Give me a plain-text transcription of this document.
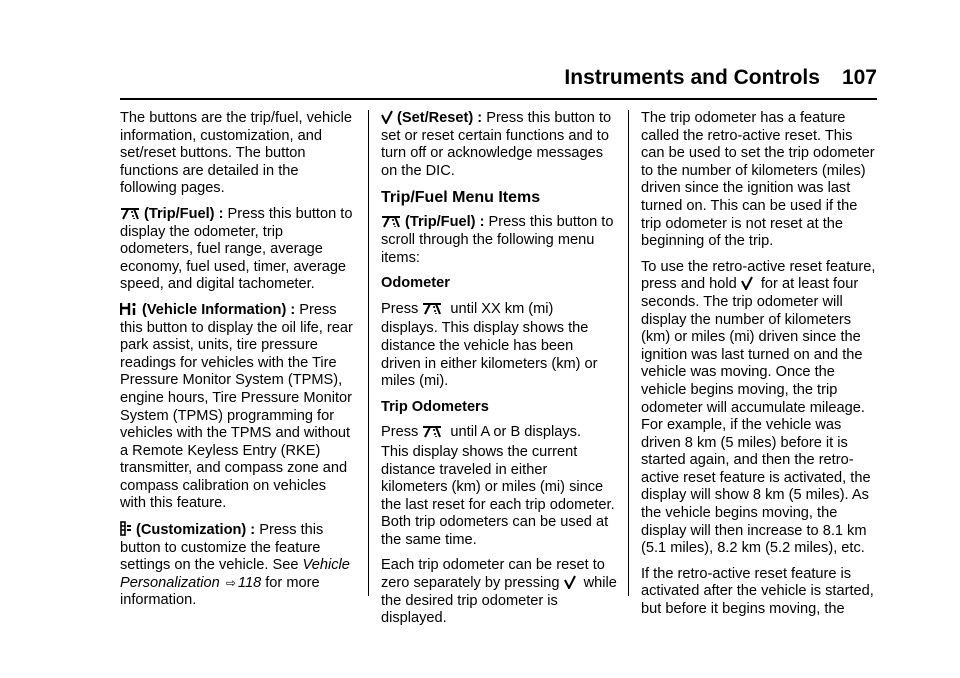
Instruments and Controls 107

The buttons are the trip/fuel, vehicle information, customization, and set/reset buttons. The button functions are detailed in the following pages.

(Trip/Fuel) : Press this button to display the odometer, trip odometers, fuel range, average economy, fuel used, timer, average speed, and digital tachometer.

(Vehicle Information) : Press this button to display the oil life, rear park assist, units, tire pressure readings for vehicles with the Tire Pressure Monitor System (TPMS), engine hours, Tire Pressure Monitor System (TPMS) programming for vehicles with the TPMS and without a Remote Keyless Entry (RKE) transmitter, and compass zone and compass calibration on vehicles with this feature.

(Customization) : Press this button to customize the feature settings on the vehicle. See Vehicle Personalization ⇨ 118 for more information.

(Set/Reset) : Press this button to set or reset certain functions and to turn off or acknowledge messages on the DIC.

Trip/Fuel Menu Items

(Trip/Fuel) : Press this button to scroll through the following menu items:

Odometer

Press
until XX km (mi)

displays. This display shows the distance the vehicle has been driven in either kilometers (km) or miles (mi).

Trip Odometers

Press
until A or B displays.

This display shows the current distance traveled in either kilometers (km) or miles (mi) since the last reset for each trip odometer. Both trip odometers can be used at the same time.

Each trip odometer can be reset to zero separately by pressing
while the desired trip odometer is displayed.

The trip odometer has a feature called the retro-active reset. This can be used to set the trip odometer to the number of kilometers (miles) driven since the ignition was last turned on. This can be used if the trip odometer is not reset at the beginning of the trip.

To use the retro-active reset feature, press and hold
for at least four seconds. The trip odometer will display the number of kilometers (km) or miles (mi) driven since the ignition was last turned on and the vehicle was moving. Once the vehicle begins moving, the trip odometer will accumulate mileage. For example, if the vehicle was driven 8 km (5 miles) before it is started again, and then the retro-active reset feature is activated, the display will show 8 km (5 miles). As the vehicle begins moving, the display will then increase to 8.1 km (5.1 miles), 8.2 km (5.2 miles), etc.

If the retro-active reset feature is activated after the vehicle is started, but before it begins moving, the
